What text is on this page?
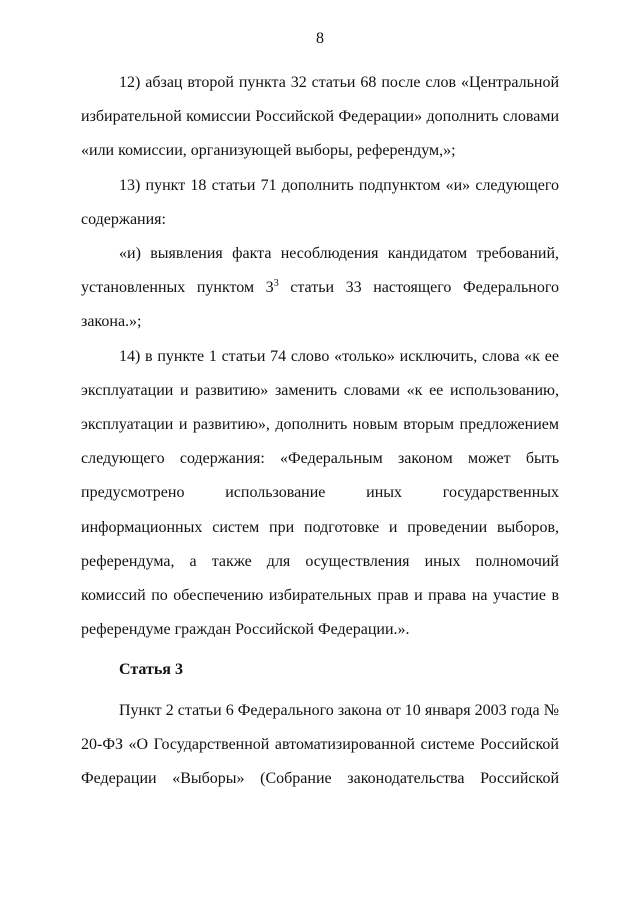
8

12) абзац второй пункта 32 статьи 68 после слов «Центральной избирательной комиссии Российской Федерации» дополнить словами «или комиссии, организующей выборы, референдум,»;

13) пункт 18 статьи 71 дополнить подпунктом «и» следующего содержания:

«и) выявления факта несоблюдения кандидатом требований, установленных пунктом $3^3$ статьи 33 настоящего Федерального закона.»;

14) в пункте 1 статьи 74 слово «только» исключить, слова «к ее эксплуатации и развитию» заменить словами «к ее использованию, эксплуатации и развитию», дополнить новым вторым предложением следующего содержания: «Федеральным законом может быть предусмотрено использование иных государственных информационных систем при подготовке и проведении выборов, референдума, а также для осуществления иных полномочий комиссий по обеспечению избирательных прав и права на участие в референдуме граждан Российской Федерации.».

Статья 3

Пункт 2 статьи 6 Федерального закона от 10 января 2003 года № 20-ФЗ «О Государственной автоматизированной системе Российской Федерации «Выборы» (Собрание законодательства Российской
